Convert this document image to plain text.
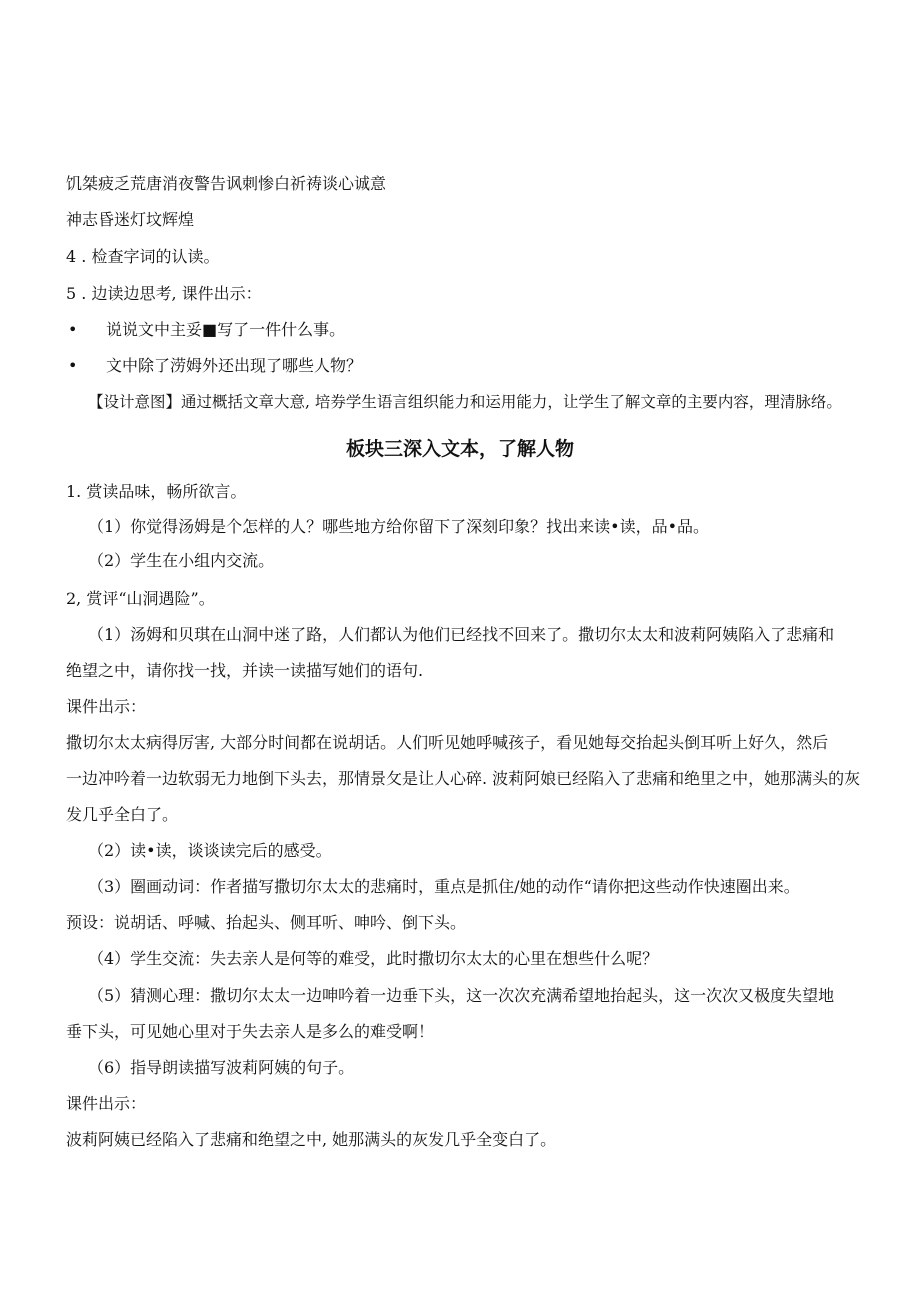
饥桀疲乏荒唐消夜警告讽刺惨白祈祷谈心诚意
神志昏迷灯坟辉煌
4 . 检查字词的认读。
5 . 边读边思考, 课件出示：
• 说说文中主妥■写了一件什么事。
• 文中除了涝姆外还出现了哪些人物？
【设计意图】通过概括文章大意, 培券学生语言组织能力和运用能力，让学生了解文章的主要内容，理清脉络。
板块三深入文本，了解人物
1. 赏读品味，畅所欲言。
（1）你觉得汤姆是个怎样的人？哪些地方给你留下了深刻印象？找出来读•读，品•品。
（2）学生在小组内交流。
2, 赏评“山洞遇险”。
（1）汤姆和贝琪在山洞中迷了路，人们都认为他们已经找不回来了。撒切尔太太和波莉阿姨陷入了悲痛和
绝望之中，请你找一找，并读一读描写她们的语句.
课件出示：
撒切尔太太病得厉害, 大部分时间都在说胡话。人们听见她呼喊孩子，看见她每交抬起头倒耳听上好久，然后
一边冲吟着一边软弱无力地倒下头去，那情景攵是让人心碎. 波莉阿娘已经陷入了悲痛和绝里之中，她那满头的灰
发几乎全白了。
（2）读•读，谈谈读完后的感受。
（3）圈画动词：作者描写撒切尔太太的悲痛时，重点是抓住/她的动作“请你把这些动作快速圈出来。
预设：说胡话、呼喊、抬起头、侧耳听、呻吟、倒下头。
（4）学生交流：失去亲人是何等的难受，此时撒切尔太太的心里在想些什么呢？
（5）猜测心理：撒切尔太太一边呻吟着一边垂下头，这一次次充满希望地抬起头，这一次次又极度失望地
垂下头，可见她心里对于失去亲人是多么的难受啊！
（6）指导朗读描写波莉阿姨的句子。
课件出示：
波莉阿姨已经陷入了悲痛和绝望之中, 她那满头的灰发几乎全变白了。
